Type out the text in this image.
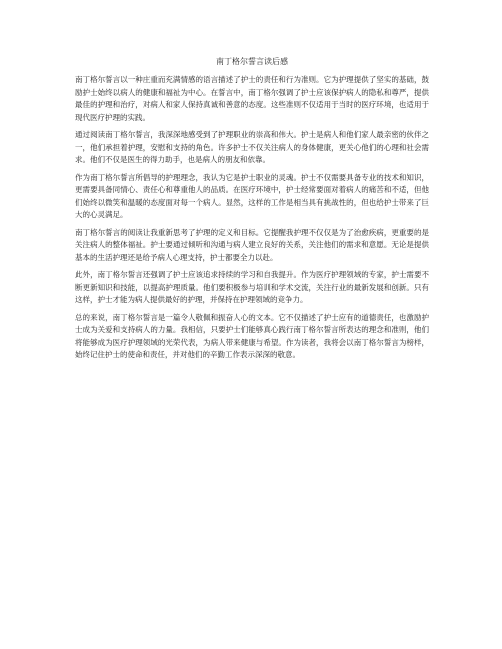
南丁格尔誓言读后感

南丁格尔誓言以一种庄重而充满情感的语言描述了护士的责任和行为准则。它为护理提供了坚实的基础，鼓励护士始终以病人的健康和福祉为中心。在誓言中，南丁格尔强调了护士应该保护病人的隐私和尊严，提供最佳的护理和治疗，对病人和家人保持真诚和善意的态度。这些准则不仅适用于当时的医疗环境，也适用于现代医疗护理的实践。

通过阅读南丁格尔誓言，我深深地感受到了护理职业的崇高和伟大。护士是病人和他们家人最亲密的伙伴之一，他们承担着护理，安慰和支持的角色。许多护士不仅关注病人的身体健康，更关心他们的心理和社会需求。他们不仅是医生的得力助手，也是病人的朋友和依靠。

作为南丁格尔誓言所倡导的护理理念，我认为它是护士职业的灵魂。护士不仅需要具备专业的技术和知识，更需要具备同情心、责任心和尊重他人的品质。在医疗环境中，护士经常要面对着病人的痛苦和不适，但他们始终以微笑和温暖的态度面对每一个病人。显然，这样的工作是相当具有挑战性的，但也给护士带来了巨大的心灵满足。

南丁格尔誓言的阅读让我重新思考了护理的定义和目标。它提醒我护理不仅仅是为了治愈疾病，更重要的是关注病人的整体福祉。护士要通过倾听和沟通与病人建立良好的关系，关注他们的需求和意愿。无论是提供基本的生活护理还是给予病人心理支持，护士都要全力以赴。

此外，南丁格尔誓言还强调了护士应该追求持续的学习和自我提升。作为医疗护理领域的专家，护士需要不断更新知识和技能，以提高护理质量。他们要积极参与培训和学术交流，关注行业的最新发展和创新。只有这样，护士才能为病人提供最好的护理，并保持在护理领域的竞争力。

总的来说，南丁格尔誓言是一篇令人敬佩和振奋人心的文本。它不仅描述了护士应有的道德责任，也激励护士成为关爱和支持病人的力量。我相信，只要护士们能够真心践行南丁格尔誓言所表达的理念和准则，他们将能够成为医疗护理领域的光荣代表，为病人带来健康与希望。作为读者，我将会以南丁格尔誓言为榜样，始终记住护士的使命和责任，并对他们的辛勤工作表示深深的敬意。
